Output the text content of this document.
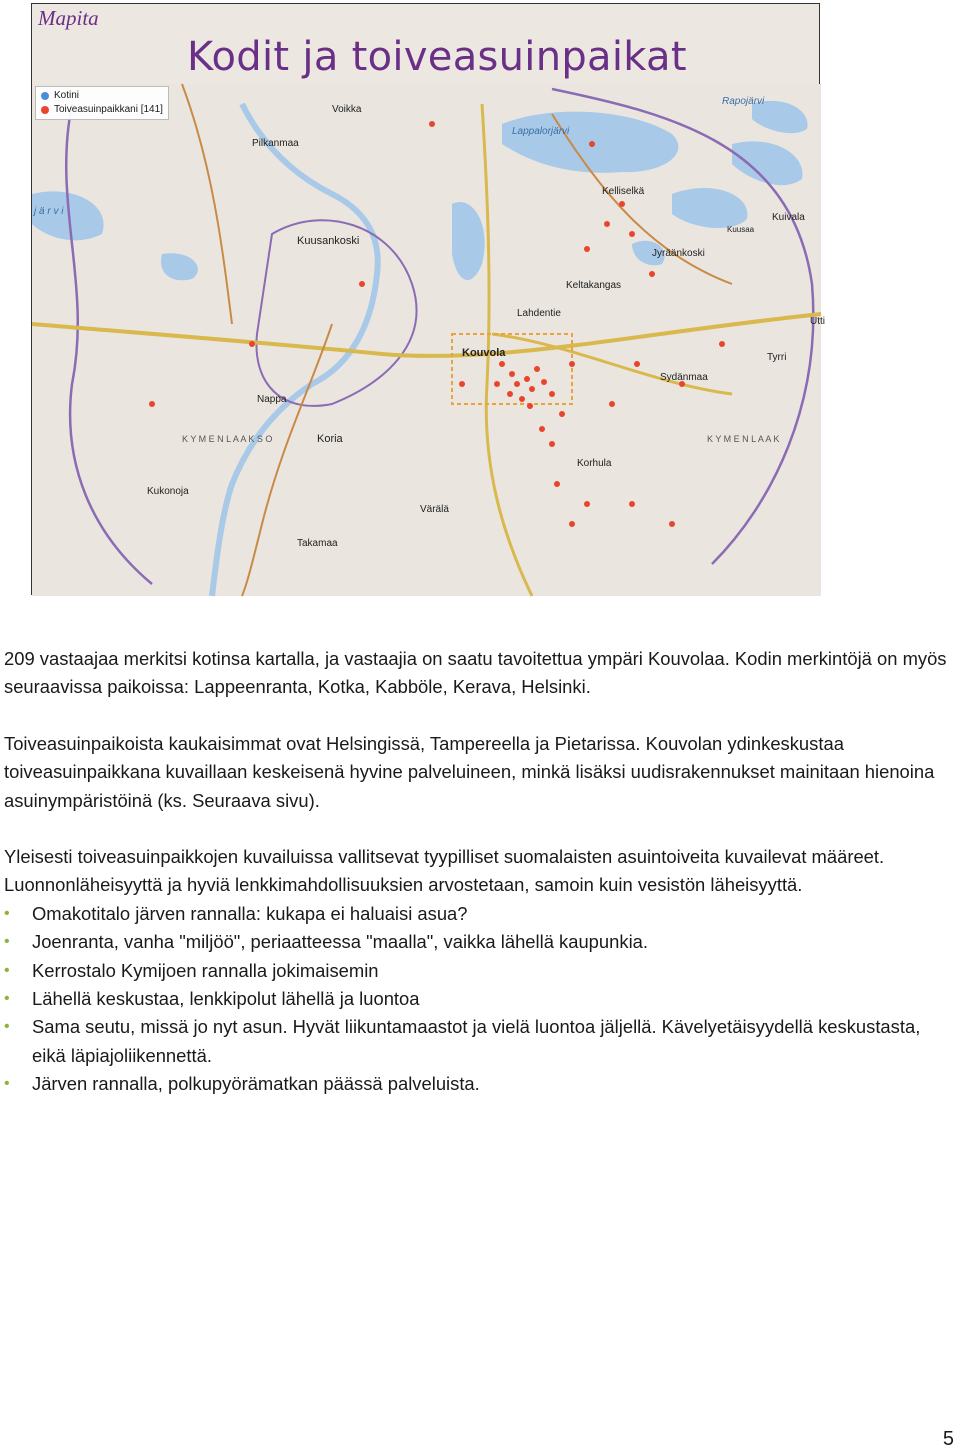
Mapita
Kodit ja toiveasuinpaikat
Kotini
Toiveasuinpaikkani [141]
Pilkanmaa
Voikka
Lappalorjärvi
Rapojärvi
Kuusankoski
Kouvola
Lahdentie
Nappa
Koria
K Y M E N L A A K S O	K Y M E N L A A K
Kukonoja
Värälä
Kelliselkä
Kuivala
Tyrri
Utti
Sydänmaa
j ä r v i
Keltakangas
Jyräänkoski
Korhula
Takamaa
Kuusaa

209 vastaajaa merkitsi kotinsa kartalla, ja vastaajia on saatu tavoitettua ympäri Kouvolaa. Kodin merkintöjä on myös seuraavissa paikoissa: Lappeenranta, Kotka, Kabböle, Kerava, Helsinki.

Toiveasuinpaikoista kaukaisimmat ovat Helsingissä, Tampereella ja Pietarissa. Kouvolan ydinkeskustaa toiveasuinpaikkana kuvaillaan keskeisenä hyvine palveluineen, minkä lisäksi uudisrakennukset mainitaan hienoina asuinympäristöinä (ks. Seuraava sivu).

Yleisesti toiveasuinpaikkojen kuvailuissa vallitsevat tyypilliset suomalaisten asuintoiveita kuvailevat määreet. Luonnonläheisyyttä ja hyviä lenkkimahdollisuuksien arvostetaan, samoin kuin vesistön läheisyyttä.

• Omakotitalo järven rannalla: kukapa ei haluaisi asua?
• Joenranta, vanha "miljöö", periaatteessa "maalla", vaikka lähellä kaupunkia.
• Kerrostalo Kymijoen rannalla jokimaisemin
• Lähellä keskustaa, lenkkipolut lähellä ja luontoa
• Sama seutu, missä jo nyt asun. Hyvät liikuntamaastot ja vielä luontoa jäljellä. Kävelyetäisyydellä keskustasta, eikä läpiajoliikennettä.
• Järven rannalla, polkupyörämatkan päässä palveluista.
5
